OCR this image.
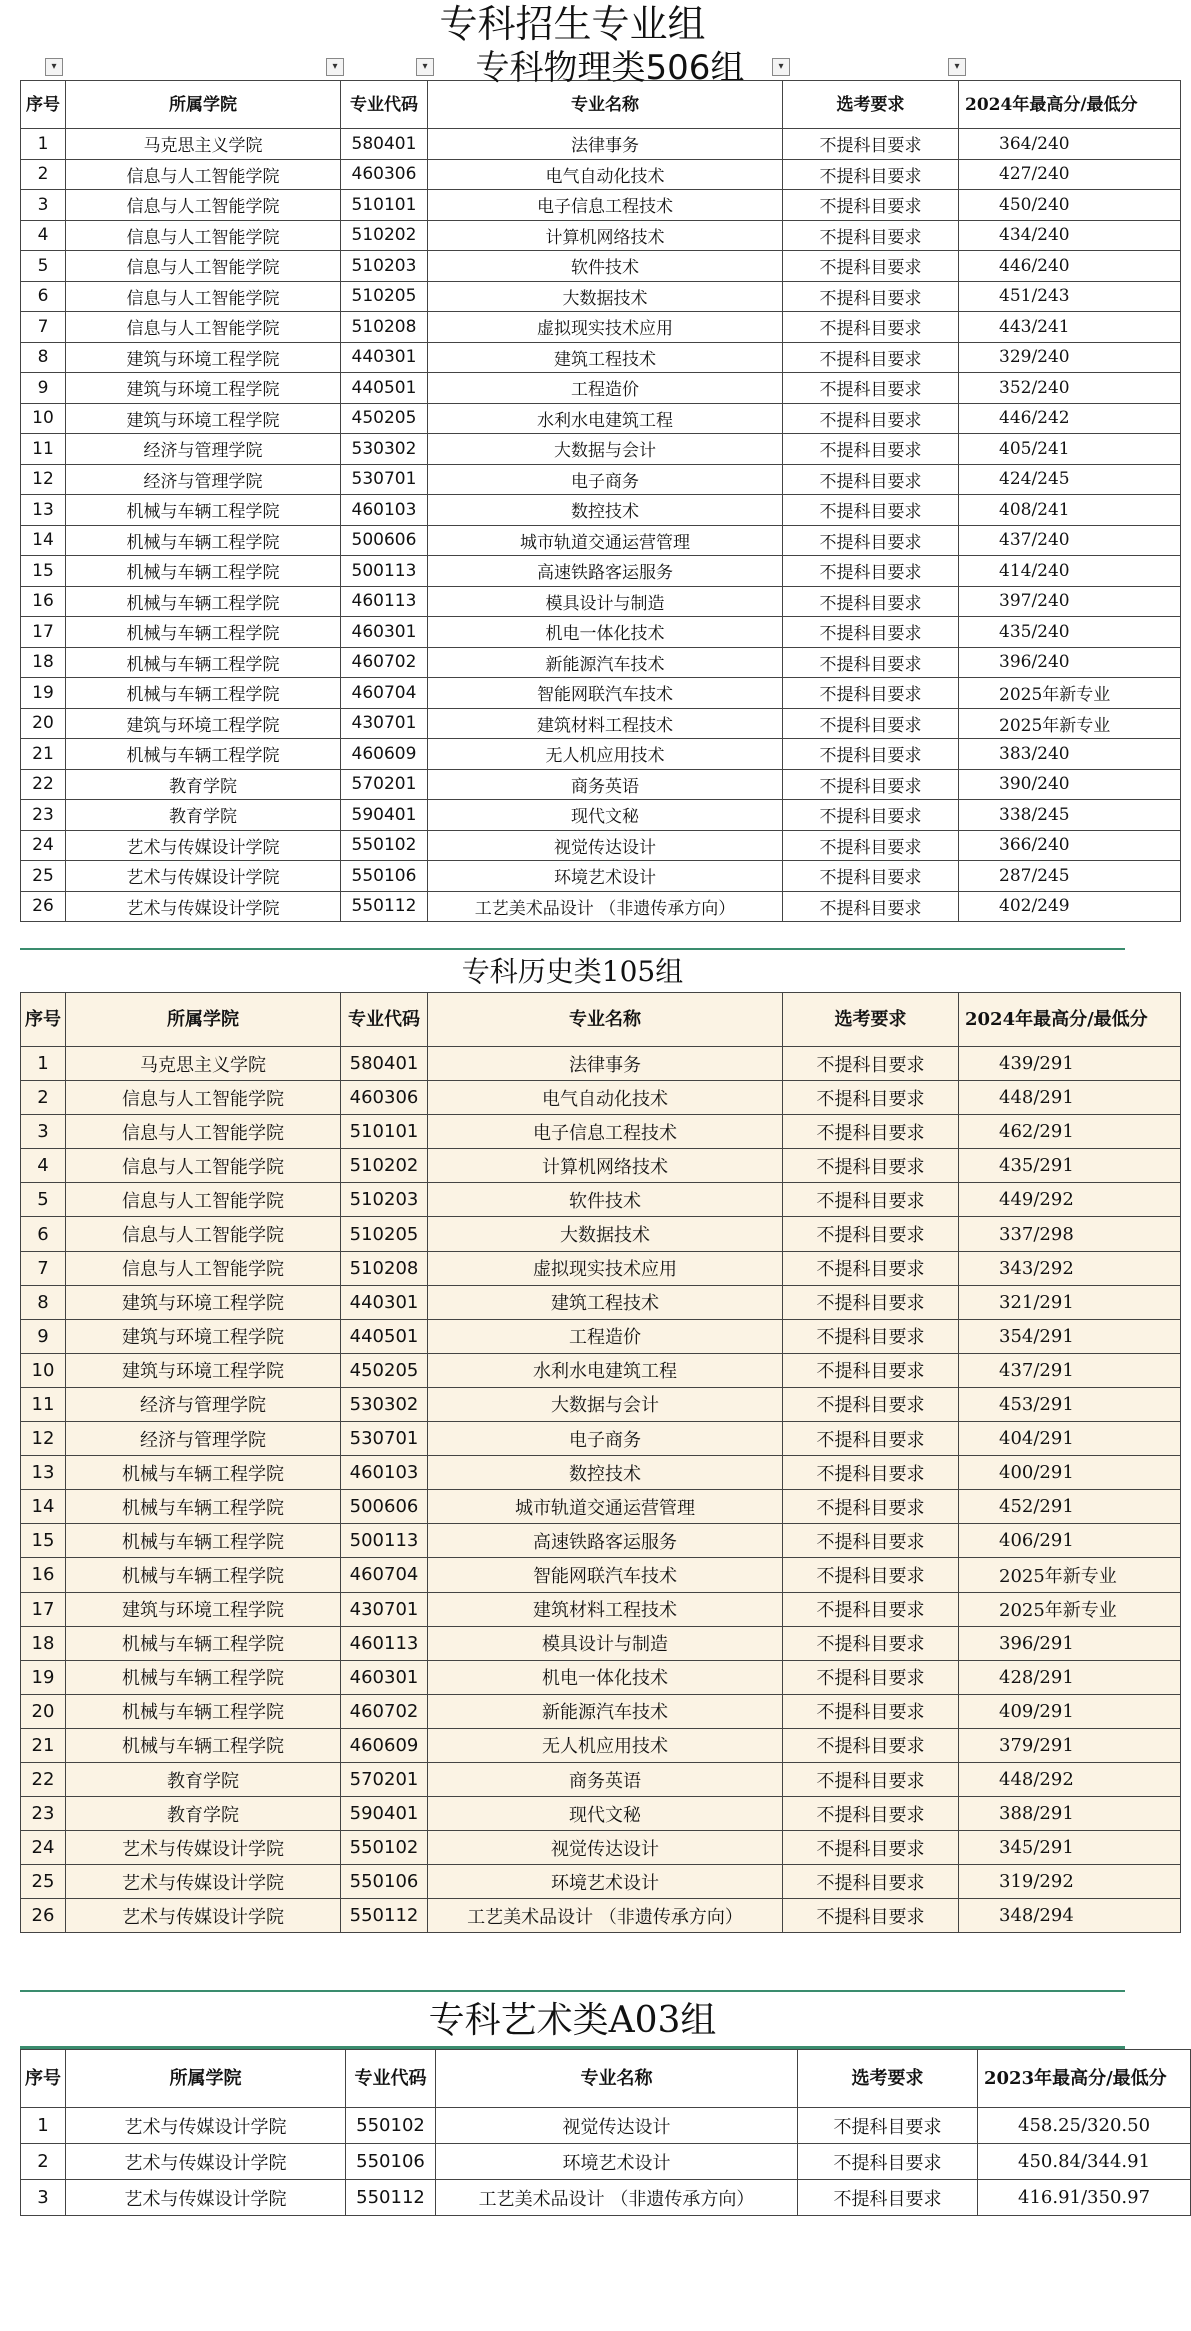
专科招生专业组
▾	▾	▾	▾	▾
专科物理类506组
序号	所属学院	专业代码	专业名称	选考要求	2024年最高分/最低分
1	马克思主义学院	580401	法律事务	不提科目要求	364/240
2	信息与人工智能学院	460306	电气自动化技术	不提科目要求	427/240
3	信息与人工智能学院	510101	电子信息工程技术	不提科目要求	450/240
4	信息与人工智能学院	510202	计算机网络技术	不提科目要求	434/240
5	信息与人工智能学院	510203	软件技术	不提科目要求	446/240
6	信息与人工智能学院	510205	大数据技术	不提科目要求	451/243
7	信息与人工智能学院	510208	虚拟现实技术应用	不提科目要求	443/241
8	建筑与环境工程学院	440301	建筑工程技术	不提科目要求	329/240
9	建筑与环境工程学院	440501	工程造价	不提科目要求	352/240
10	建筑与环境工程学院	450205	水利水电建筑工程	不提科目要求	446/242
11	经济与管理学院	530302	大数据与会计	不提科目要求	405/241
12	经济与管理学院	530701	电子商务	不提科目要求	424/245
13	机械与车辆工程学院	460103	数控技术	不提科目要求	408/241
14	机械与车辆工程学院	500606	城市轨道交通运营管理	不提科目要求	437/240
15	机械与车辆工程学院	500113	高速铁路客运服务	不提科目要求	414/240
16	机械与车辆工程学院	460113	模具设计与制造	不提科目要求	397/240
17	机械与车辆工程学院	460301	机电一体化技术	不提科目要求	435/240
18	机械与车辆工程学院	460702	新能源汽车技术	不提科目要求	396/240
19	机械与车辆工程学院	460704	智能网联汽车技术	不提科目要求	2025年新专业
20	建筑与环境工程学院	430701	建筑材料工程技术	不提科目要求	2025年新专业
21	机械与车辆工程学院	460609	无人机应用技术	不提科目要求	383/240
22	教育学院	570201	商务英语	不提科目要求	390/240
23	教育学院	590401	现代文秘	不提科目要求	338/245
24	艺术与传媒设计学院	550102	视觉传达设计	不提科目要求	366/240
25	艺术与传媒设计学院	550106	环境艺术设计	不提科目要求	287/245
26	艺术与传媒设计学院	550112	工艺美术品设计 （非遗传承方向）	不提科目要求	402/249
专科历史类105组
序号	所属学院	专业代码	专业名称	选考要求	2024年最高分/最低分
1	马克思主义学院	580401	法律事务	不提科目要求	439/291
2	信息与人工智能学院	460306	电气自动化技术	不提科目要求	448/291
3	信息与人工智能学院	510101	电子信息工程技术	不提科目要求	462/291
4	信息与人工智能学院	510202	计算机网络技术	不提科目要求	435/291
5	信息与人工智能学院	510203	软件技术	不提科目要求	449/292
6	信息与人工智能学院	510205	大数据技术	不提科目要求	337/298
7	信息与人工智能学院	510208	虚拟现实技术应用	不提科目要求	343/292
8	建筑与环境工程学院	440301	建筑工程技术	不提科目要求	321/291
9	建筑与环境工程学院	440501	工程造价	不提科目要求	354/291
10	建筑与环境工程学院	450205	水利水电建筑工程	不提科目要求	437/291
11	经济与管理学院	530302	大数据与会计	不提科目要求	453/291
12	经济与管理学院	530701	电子商务	不提科目要求	404/291
13	机械与车辆工程学院	460103	数控技术	不提科目要求	400/291
14	机械与车辆工程学院	500606	城市轨道交通运营管理	不提科目要求	452/291
15	机械与车辆工程学院	500113	高速铁路客运服务	不提科目要求	406/291
16	机械与车辆工程学院	460704	智能网联汽车技术	不提科目要求	2025年新专业
17	建筑与环境工程学院	430701	建筑材料工程技术	不提科目要求	2025年新专业
18	机械与车辆工程学院	460113	模具设计与制造	不提科目要求	396/291
19	机械与车辆工程学院	460301	机电一体化技术	不提科目要求	428/291
20	机械与车辆工程学院	460702	新能源汽车技术	不提科目要求	409/291
21	机械与车辆工程学院	460609	无人机应用技术	不提科目要求	379/291
22	教育学院	570201	商务英语	不提科目要求	448/292
23	教育学院	590401	现代文秘	不提科目要求	388/291
24	艺术与传媒设计学院	550102	视觉传达设计	不提科目要求	345/291
25	艺术与传媒设计学院	550106	环境艺术设计	不提科目要求	319/292
26	艺术与传媒设计学院	550112	工艺美术品设计 （非遗传承方向）	不提科目要求	348/294
专科艺术类A03组
序号	所属学院	专业代码	专业名称	选考要求	2023年最高分/最低分
1	艺术与传媒设计学院	550102	视觉传达设计	不提科目要求	458.25/320.50
2	艺术与传媒设计学院	550106	环境艺术设计	不提科目要求	450.84/344.91
3	艺术与传媒设计学院	550112	工艺美术品设计 （非遗传承方向）	不提科目要求	416.91/350.97
